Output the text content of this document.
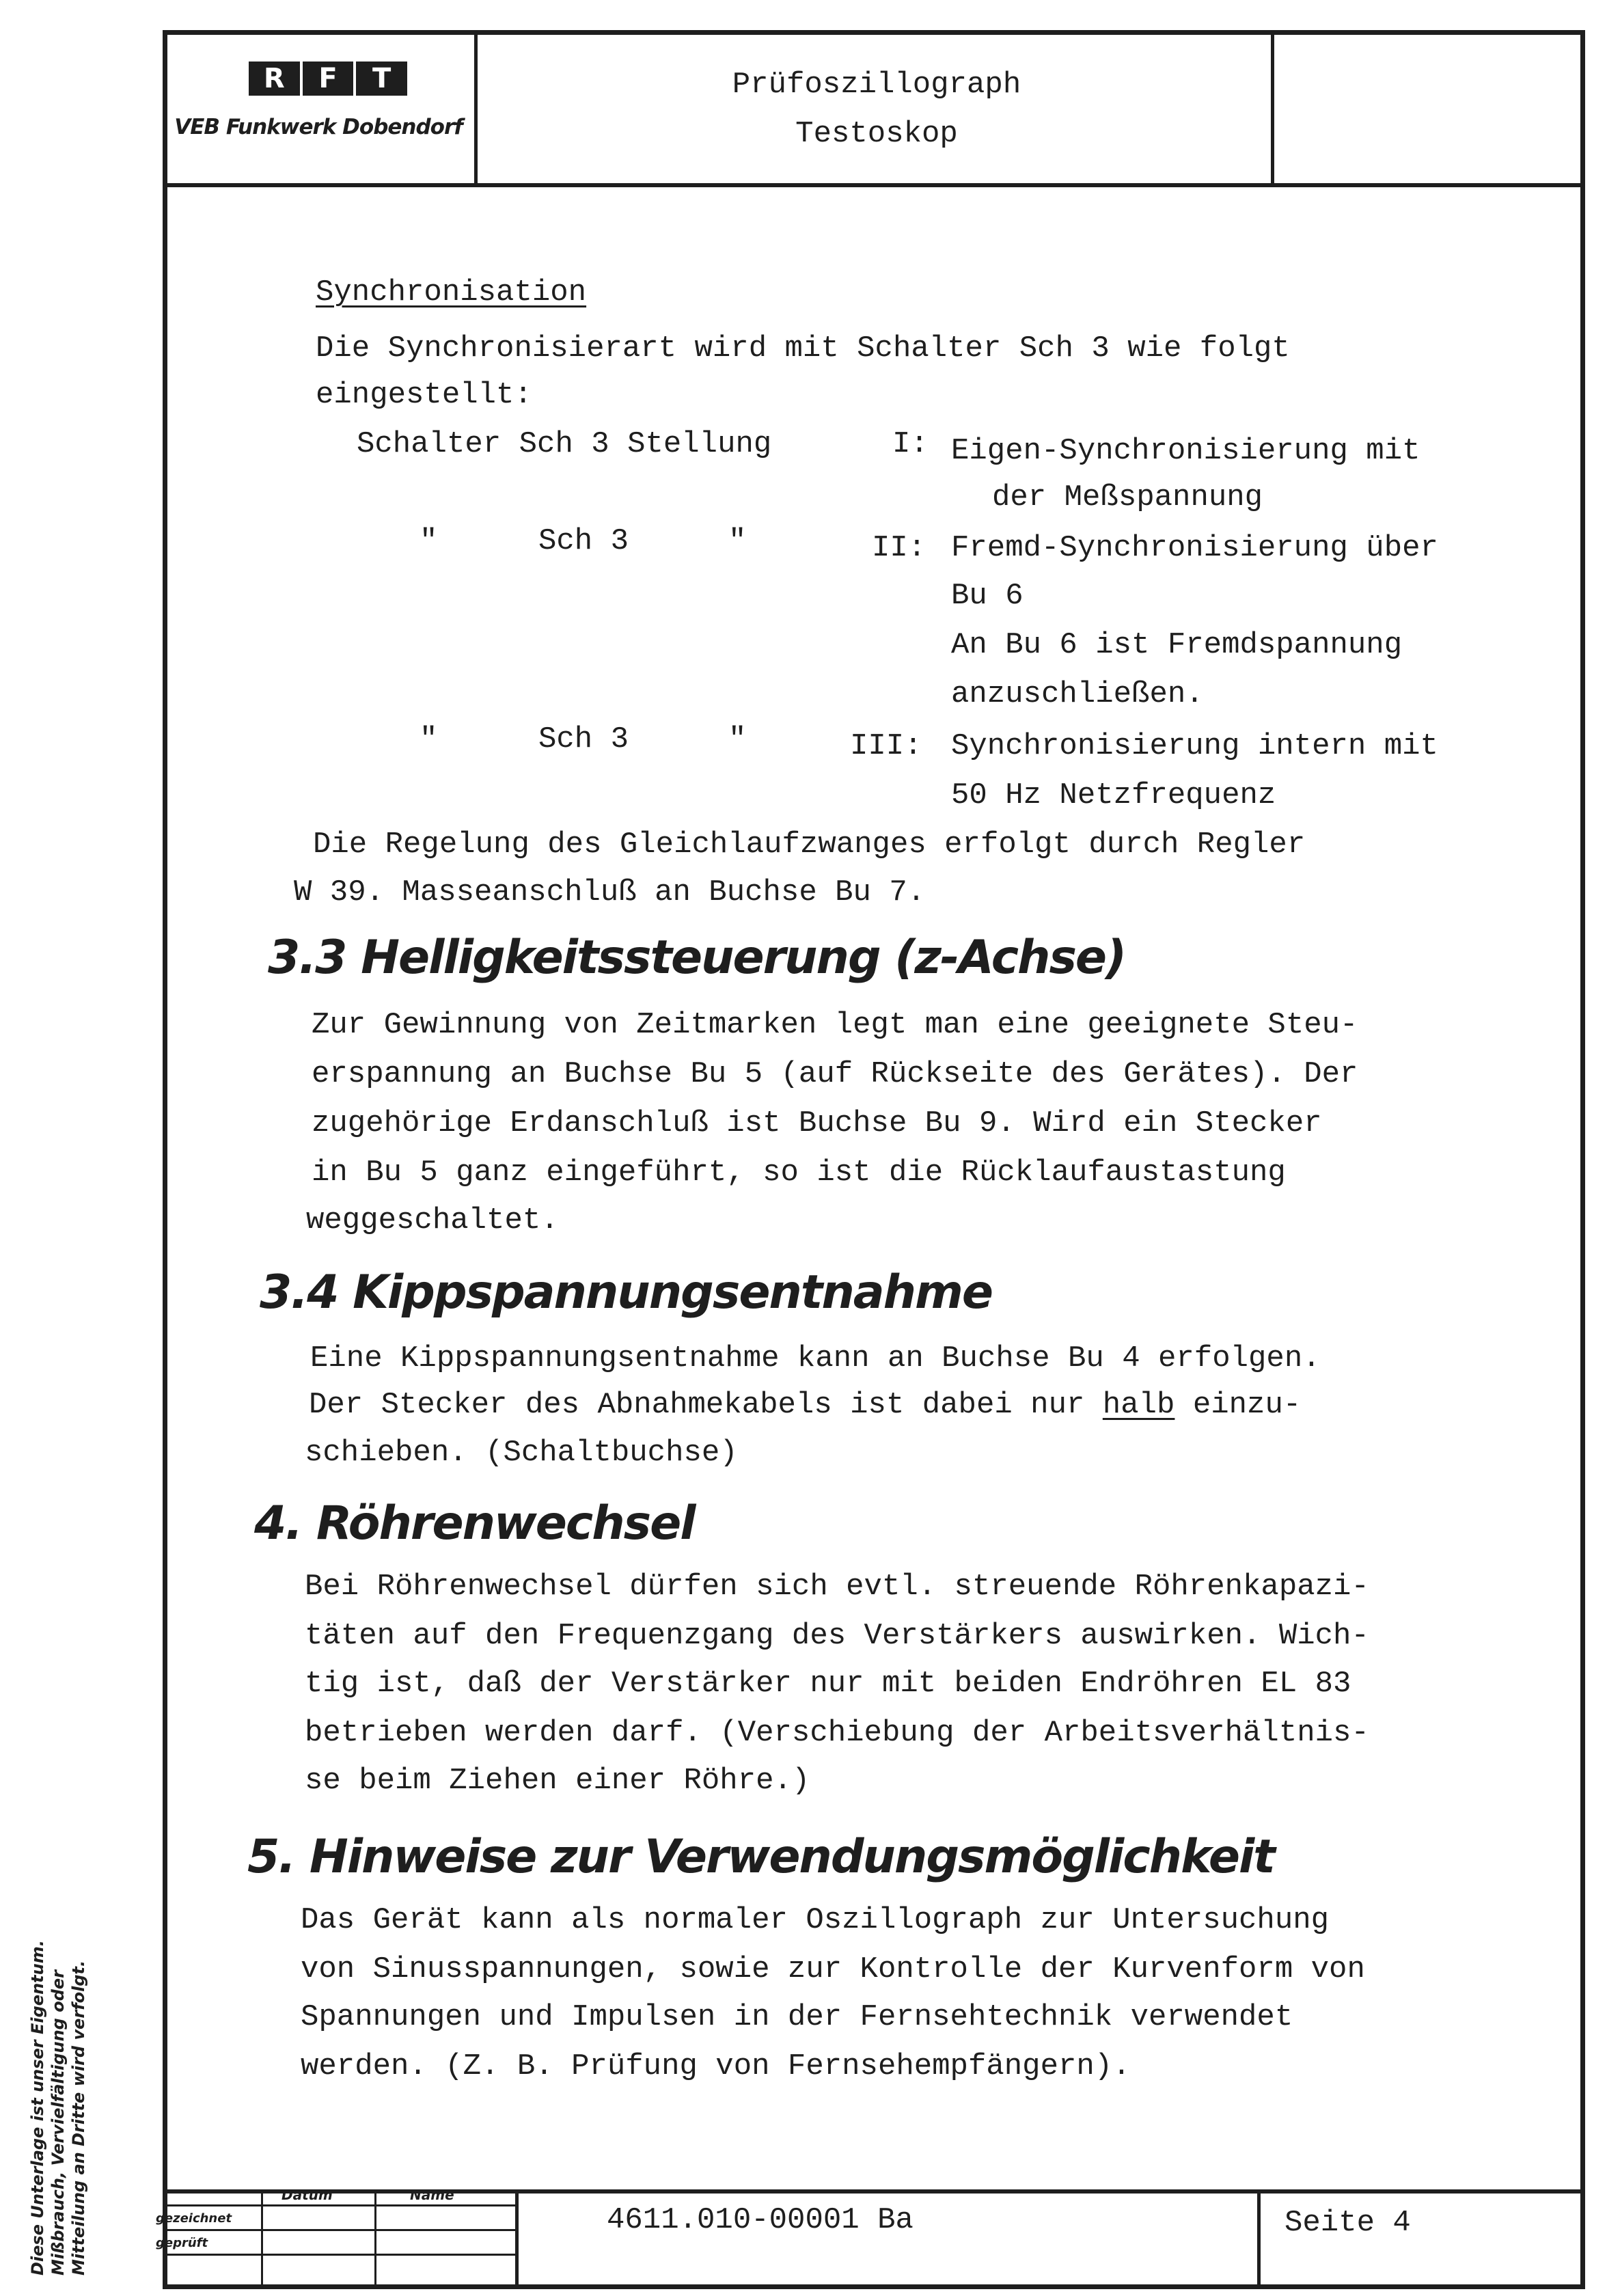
R	F	T
VEB Funkwerk Dobendorf
Prüfoszillograph
Testoskop
Synchronisation
Die Synchronisierart wird mit Schalter Sch 3 wie folgt
eingestellt:
Schalter Sch 3 Stellung	I: Eigen-Synchronisierung mit
der Meßspannung
"	Sch 3	"	II: Fremd-Synchronisierung über
Bu 6
An Bu 6 ist Fremdspannung
anzuschließen.
"	Sch 3	"	III: Synchronisierung intern mit
50 Hz Netzfrequenz
Die Regelung des Gleichlaufzwanges erfolgt durch Regler
W 39. Masseanschluß an Buchse Bu 7.
3.3 Helligkeitssteuerung (z-Achse)
Zur Gewinnung von Zeitmarken legt man eine geeignete Steu-
erspannung an Buchse Bu 5 (auf Rückseite des Gerätes). Der
zugehörige Erdanschluß ist Buchse Bu 9. Wird ein Stecker
in Bu 5 ganz eingeführt, so ist die Rücklaufaustastung
weggeschaltet.
3.4 Kippspannungsentnahme
Eine Kippspannungsentnahme kann an Buchse Bu 4 erfolgen.
Der Stecker des Abnahmekabels ist dabei nur halb einzu-
schieben. (Schaltbuchse)
4. Röhrenwechsel
Bei Röhrenwechsel dürfen sich evtl. streuende Röhrenkapazi-
täten auf den Frequenzgang des Verstärkers auswirken. Wich-
tig ist, daß der Verstärker nur mit beiden Endröhren EL 83
betrieben werden darf. (Verschiebung der Arbeitsverhältnis-
se beim Ziehen einer Röhre.)
5. Hinweise zur Verwendungsmöglichkeit
Das Gerät kann als normaler Oszillograph zur Untersuchung
von Sinusspannungen, sowie zur Kontrolle der Kurvenform von
Spannungen und Impulsen in der Fernsehtechnik verwendet
werden. (Z. B. Prüfung von Fernsehempfängern).
Datum	Name
gezeichnet
geprüft
4611.010-00001 Ba	Seite 4
Diese Unterlage ist unser Eigentum. Mißbrauch, Vervielfältigung oder Mitteilung an Dritte wird verfolgt.
